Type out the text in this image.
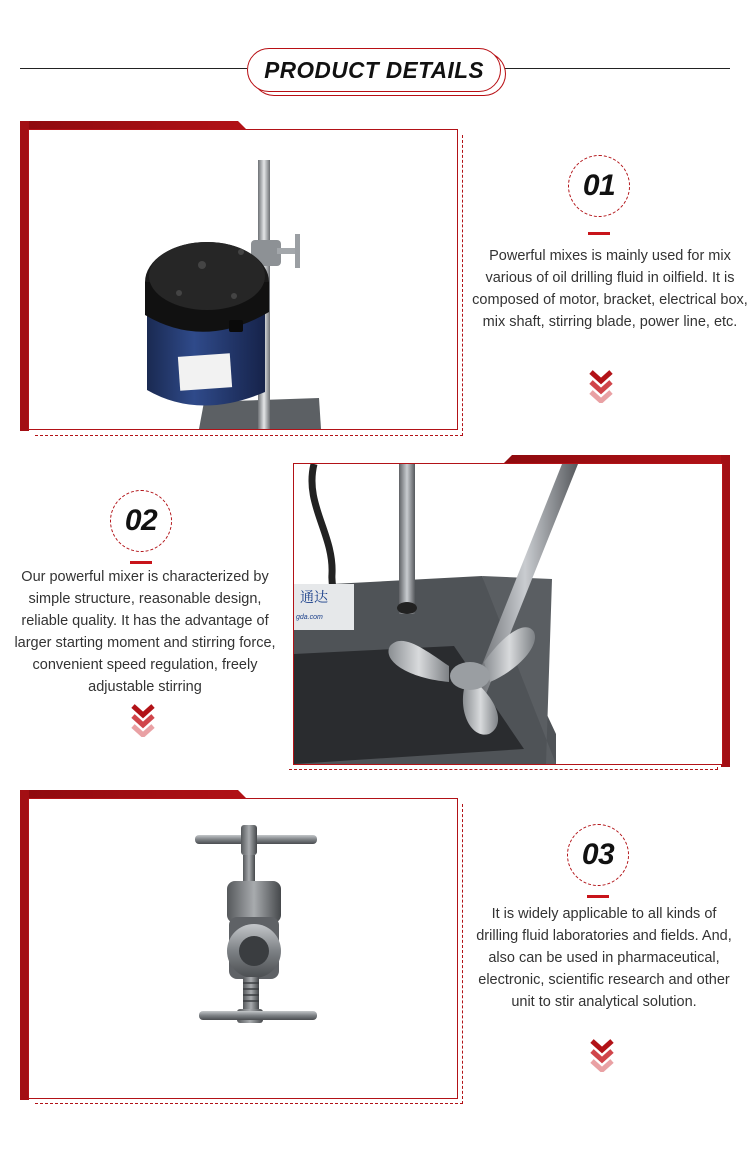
PRODUCT DETAILS
01
Powerful mixes is mainly used for mix various of oil drilling fluid in oilfield. It is composed of motor, bracket, electrical box, mix shaft, stirring blade, power line, etc.
通达
gda.com
02
Our powerful mixer is characterized by simple structure, reasonable design, reliable quality. It has the advantage of larger starting moment and stirring force, convenient speed regulation, freely adjustable stirring
03
It is widely applicable to all kinds of drilling fluid laboratories and fields. And, also can be used in pharmaceutical, electronic, scientific research and other unit to stir analytical solution.
